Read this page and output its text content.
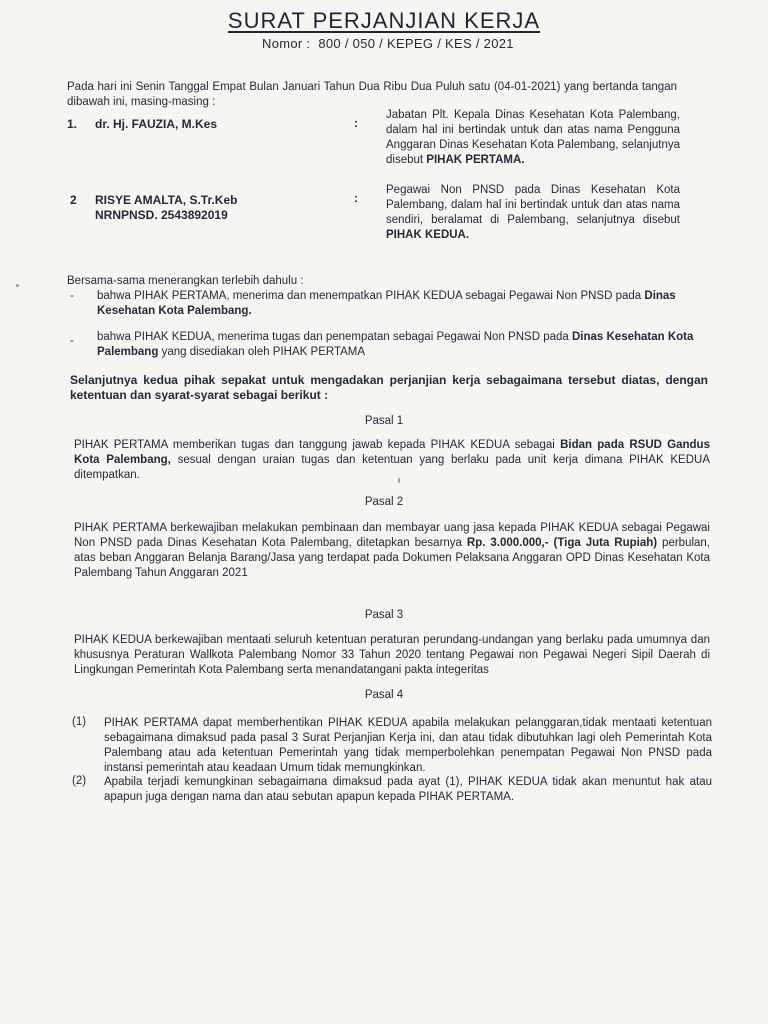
SURAT PERJANJIAN KERJA
Nomor : 800 / 050 / KEPEG / KES / 2021
Pada hari ini Senin Tanggal Empat Bulan Januari Tahun Dua Ribu Dua Puluh satu (04-01-2021) yang bertanda tangan dibawah ini, masing-masing :
1. dr. Hj. FAUZIA, M.Kes	:
Jabatan Plt. Kepala Dinas Kesehatan Kota Palembang, dalam hal ini bertindak untuk dan atas nama Pengguna Anggaran Dinas Kesehatan Kota Palembang, selanjutnya disebut PIHAK PERTAMA.
2 RISYE AMALTA, S.Tr.Keb
NRNPNSD. 2543892019
:
Pegawai Non PNSD pada Dinas Kesehatan Kota Palembang, dalam hal ini bertindak untuk dan atas nama sendiri, beralamat di Palembang, selanjutnya disebut PIHAK KEDUA.
Bersama-sama menerangkan terlebih dahulu :
- bahwa PIHAK PERTAMA, menerima dan menempatkan PIHAK KEDUA sebagai Pegawai Non PNSD pada Dinas Kesehatan Kota Palembang.
- bahwa PIHAK KEDUA, menerima tugas dan penempatan sebagai Pegawai Non PNSD pada Dinas Kesehatan Kota Palembang yang disediakan oleh PIHAK PERTAMA
Selanjutnya kedua pihak sepakat untuk mengadakan perjanjian kerja sebagaimana tersebut diatas, dengan ketentuan dan syarat-syarat sebagai berikut :
Pasal 1
PIHAK PERTAMA memberikan tugas dan tanggung jawab kepada PIHAK KEDUA sebagai Bidan pada RSUD Gandus Kota Palembang, sesual dengan uraian tugas dan ketentuan yang berlaku pada unit kerja dimana PIHAK KEDUA ditempatkan.
Pasal 2
PIHAK PERTAMA berkewajiban melakukan pembinaan dan membayar uang jasa kepada PIHAK KEDUA sebagai Pegawai Non PNSD pada Dinas Kesehatan Kota Palembang, ditetapkan besarnya Rp. 3.000.000,- (Tiga Juta Rupiah) perbulan, atas beban Anggaran Belanja Barang/Jasa yang terdapat pada Dokumen Pelaksana Anggaran OPD Dinas Kesehatan Kota Palembang Tahun Anggaran 2021
Pasal 3
PIHAK KEDUA berkewajiban mentaati seluruh ketentuan peraturan perundang-undangan yang berlaku pada umumnya dan khususnya Peraturan Wallkota Palembang Nomor 33 Tahun 2020 tentang Pegawai non Pegawai Negeri Sipil Daerah di Lingkungan Pemerintah Kota Palembang serta menandatangani pakta integeritas
Pasal 4
(1) PIHAK PERTAMA dapat memberhentikan PIHAK KEDUA apabila melakukan pelanggaran,tidak mentaati ketentuan sebagaimana dimaksud pada pasal 3 Surat Perjanjian Kerja ini, dan atau tidak dibutuhkan lagi oleh Pemerintah Kota Palembang atau ada ketentuan Pemerintah yang tidak memperbolehkan penempatan Pegawai Non PNSD pada instansi pemerintah atau keadaan Umum tidak memungkinkan.
(2) Apabila terjadi kemungkinan sebagaimana dimaksud pada ayat (1), PIHAK KEDUA tidak akan menuntut hak atau apapun juga dengan nama dan atau sebutan apapun kepada PIHAK PERTAMA.
